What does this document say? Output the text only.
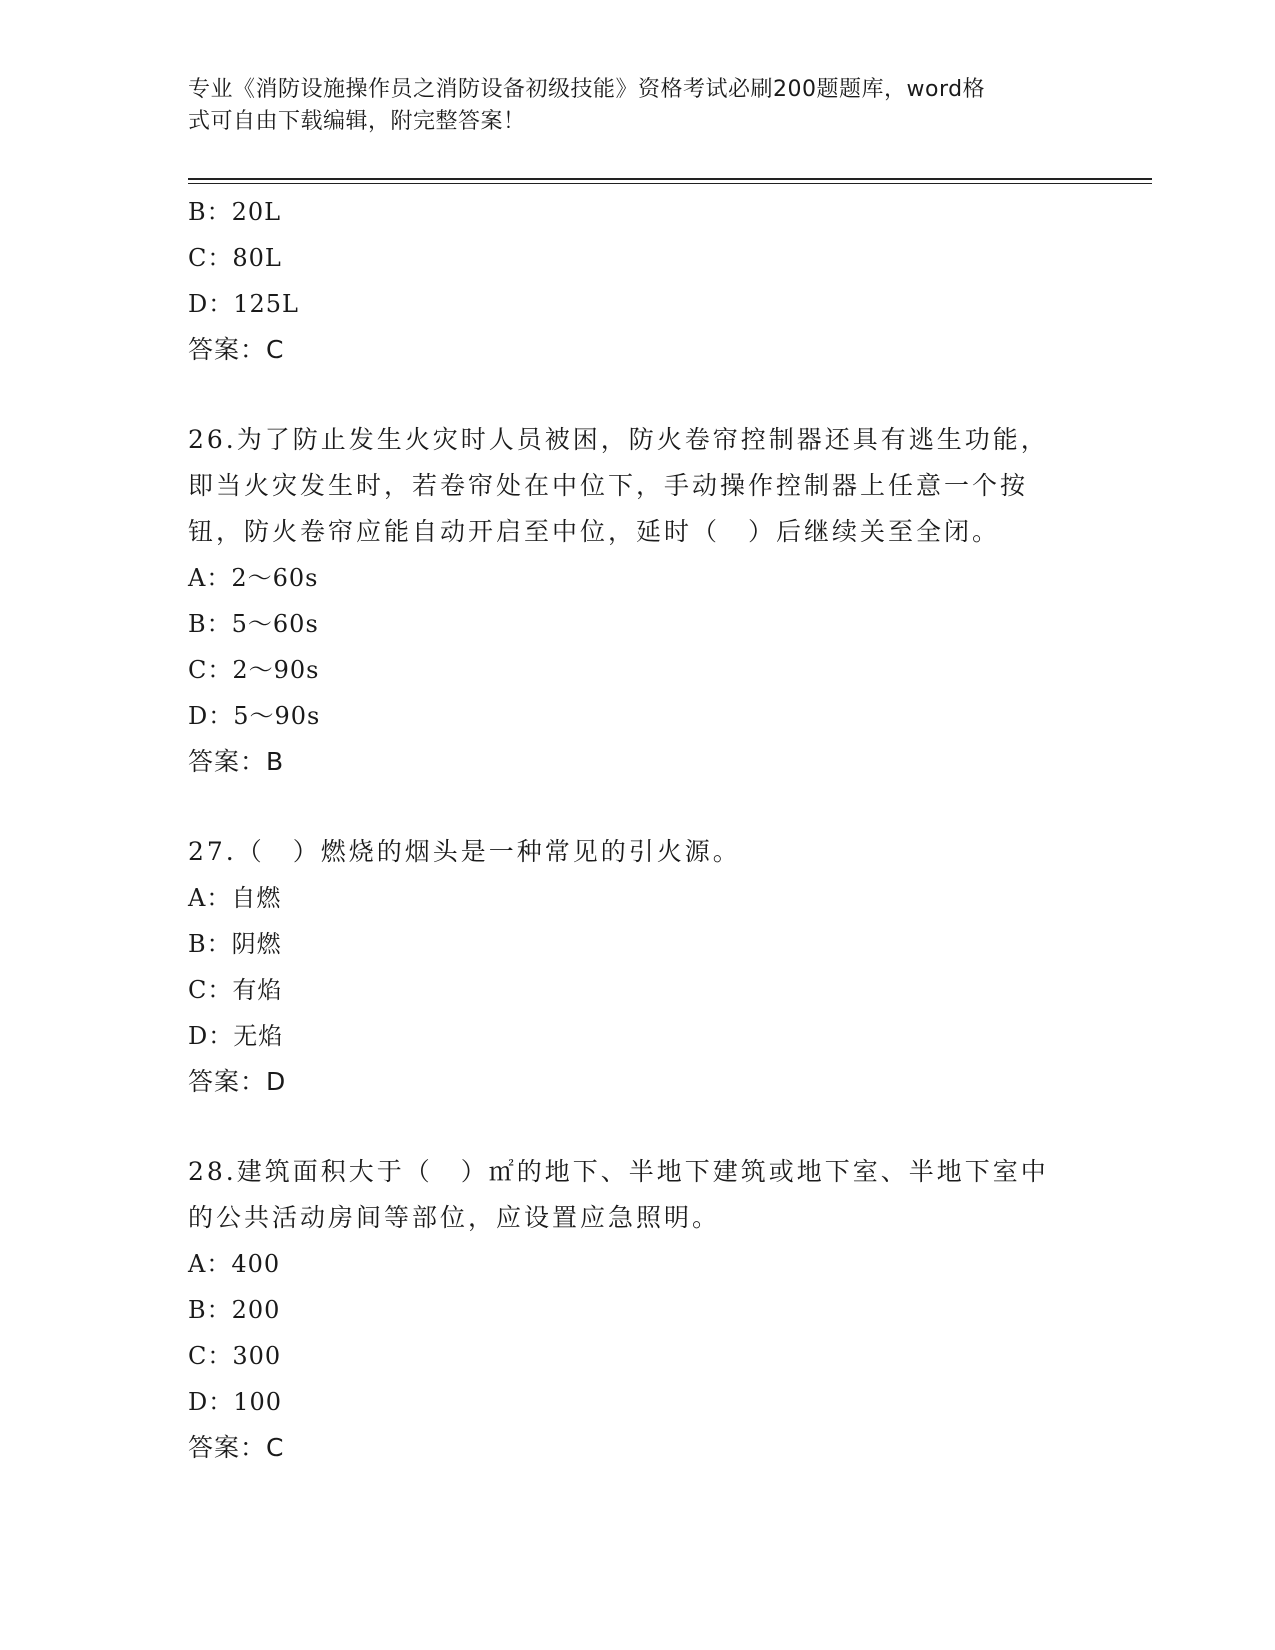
专业《消防设施操作员之消防设备初级技能》资格考试必刷200题题库，word格
式可自由下载编辑，附完整答案！
B：20L
C：80L
D：125L
答案：C
26.为了防止发生火灾时人员被困，防火卷帘控制器还具有逃生功能，
即当火灾发生时，若卷帘处在中位下，手动操作控制器上任意一个按
钮，防火卷帘应能自动开启至中位，延时（　）后继续关至全闭。
A：2～60s
B：5～60s
C：2～90s
D：5～90s
答案：B
27.（　）燃烧的烟头是一种常见的引火源。
A：自燃
B：阴燃
C：有焰
D：无焰
答案：D
28.建筑面积大于（　）㎡的地下、半地下建筑或地下室、半地下室中
的公共活动房间等部位，应设置应急照明。
A：400
B：200
C：300
D：100
答案：C
